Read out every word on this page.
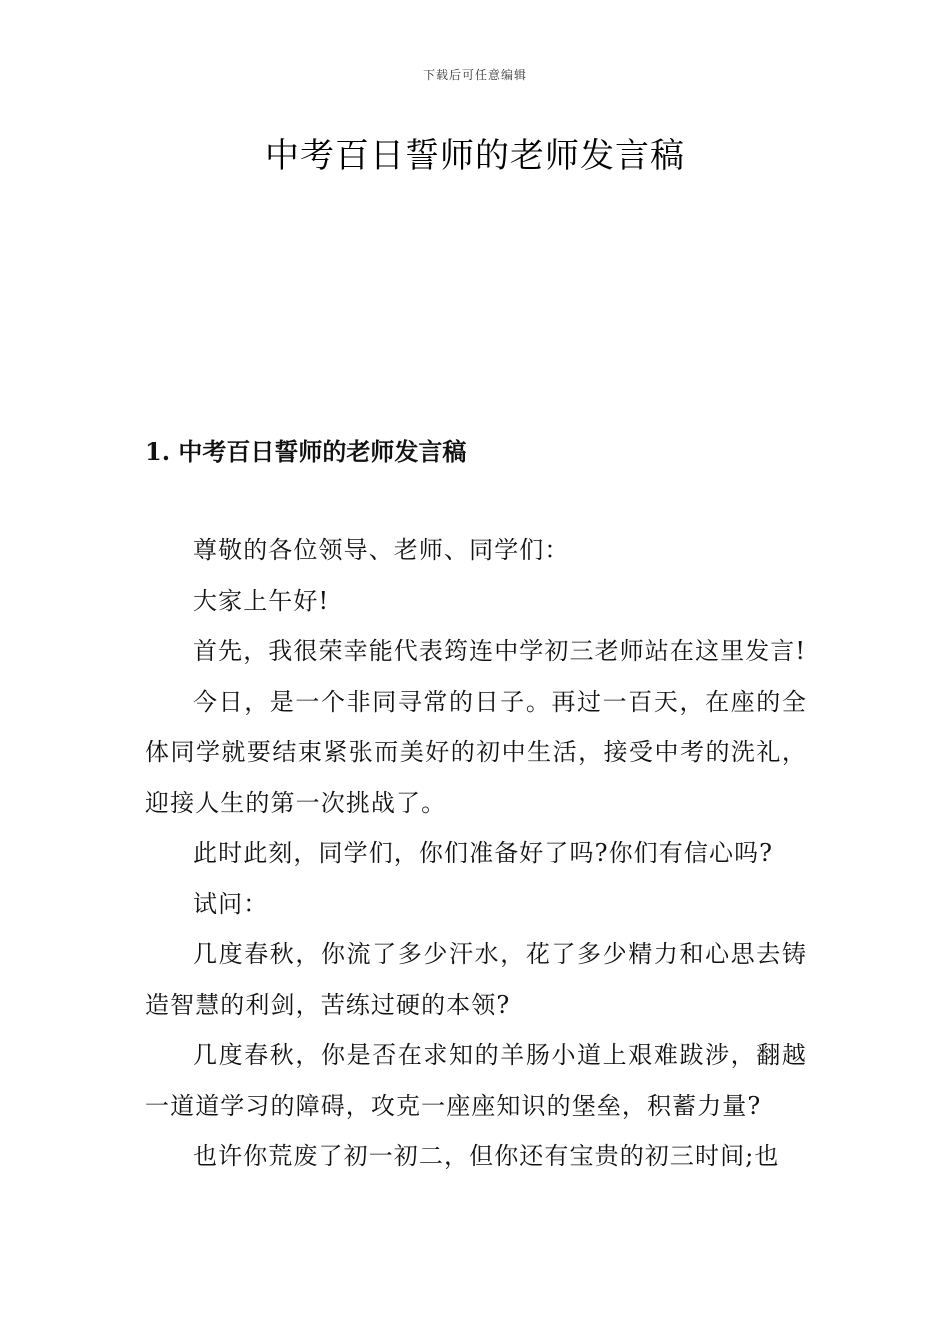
下载后可任意编辑
中考百日誓师的老师发言稿
1. 中考百日誓师的老师发言稿

尊敬的各位领导、老师、同学们：

大家上午好!

首先，我很荣幸能代表筠连中学初三老师站在这里发言!

今日，是一个非同寻常的日子。再过一百天，在座的全体同学就要结束紧张而美好的初中生活，接受中考的洗礼，迎接人生的第一次挑战了。

此时此刻，同学们，你们准备好了吗?你们有信心吗?

试问：

几度春秋，你流了多少汗水，花了多少精力和心思去铸造智慧的利剑，苦练过硬的本领?

几度春秋，你是否在求知的羊肠小道上艰难跋涉，翻越一道道学习的障碍，攻克一座座知识的堡垒，积蓄力量?

也许你荒废了初一初二，但你还有宝贵的初三时间;也
